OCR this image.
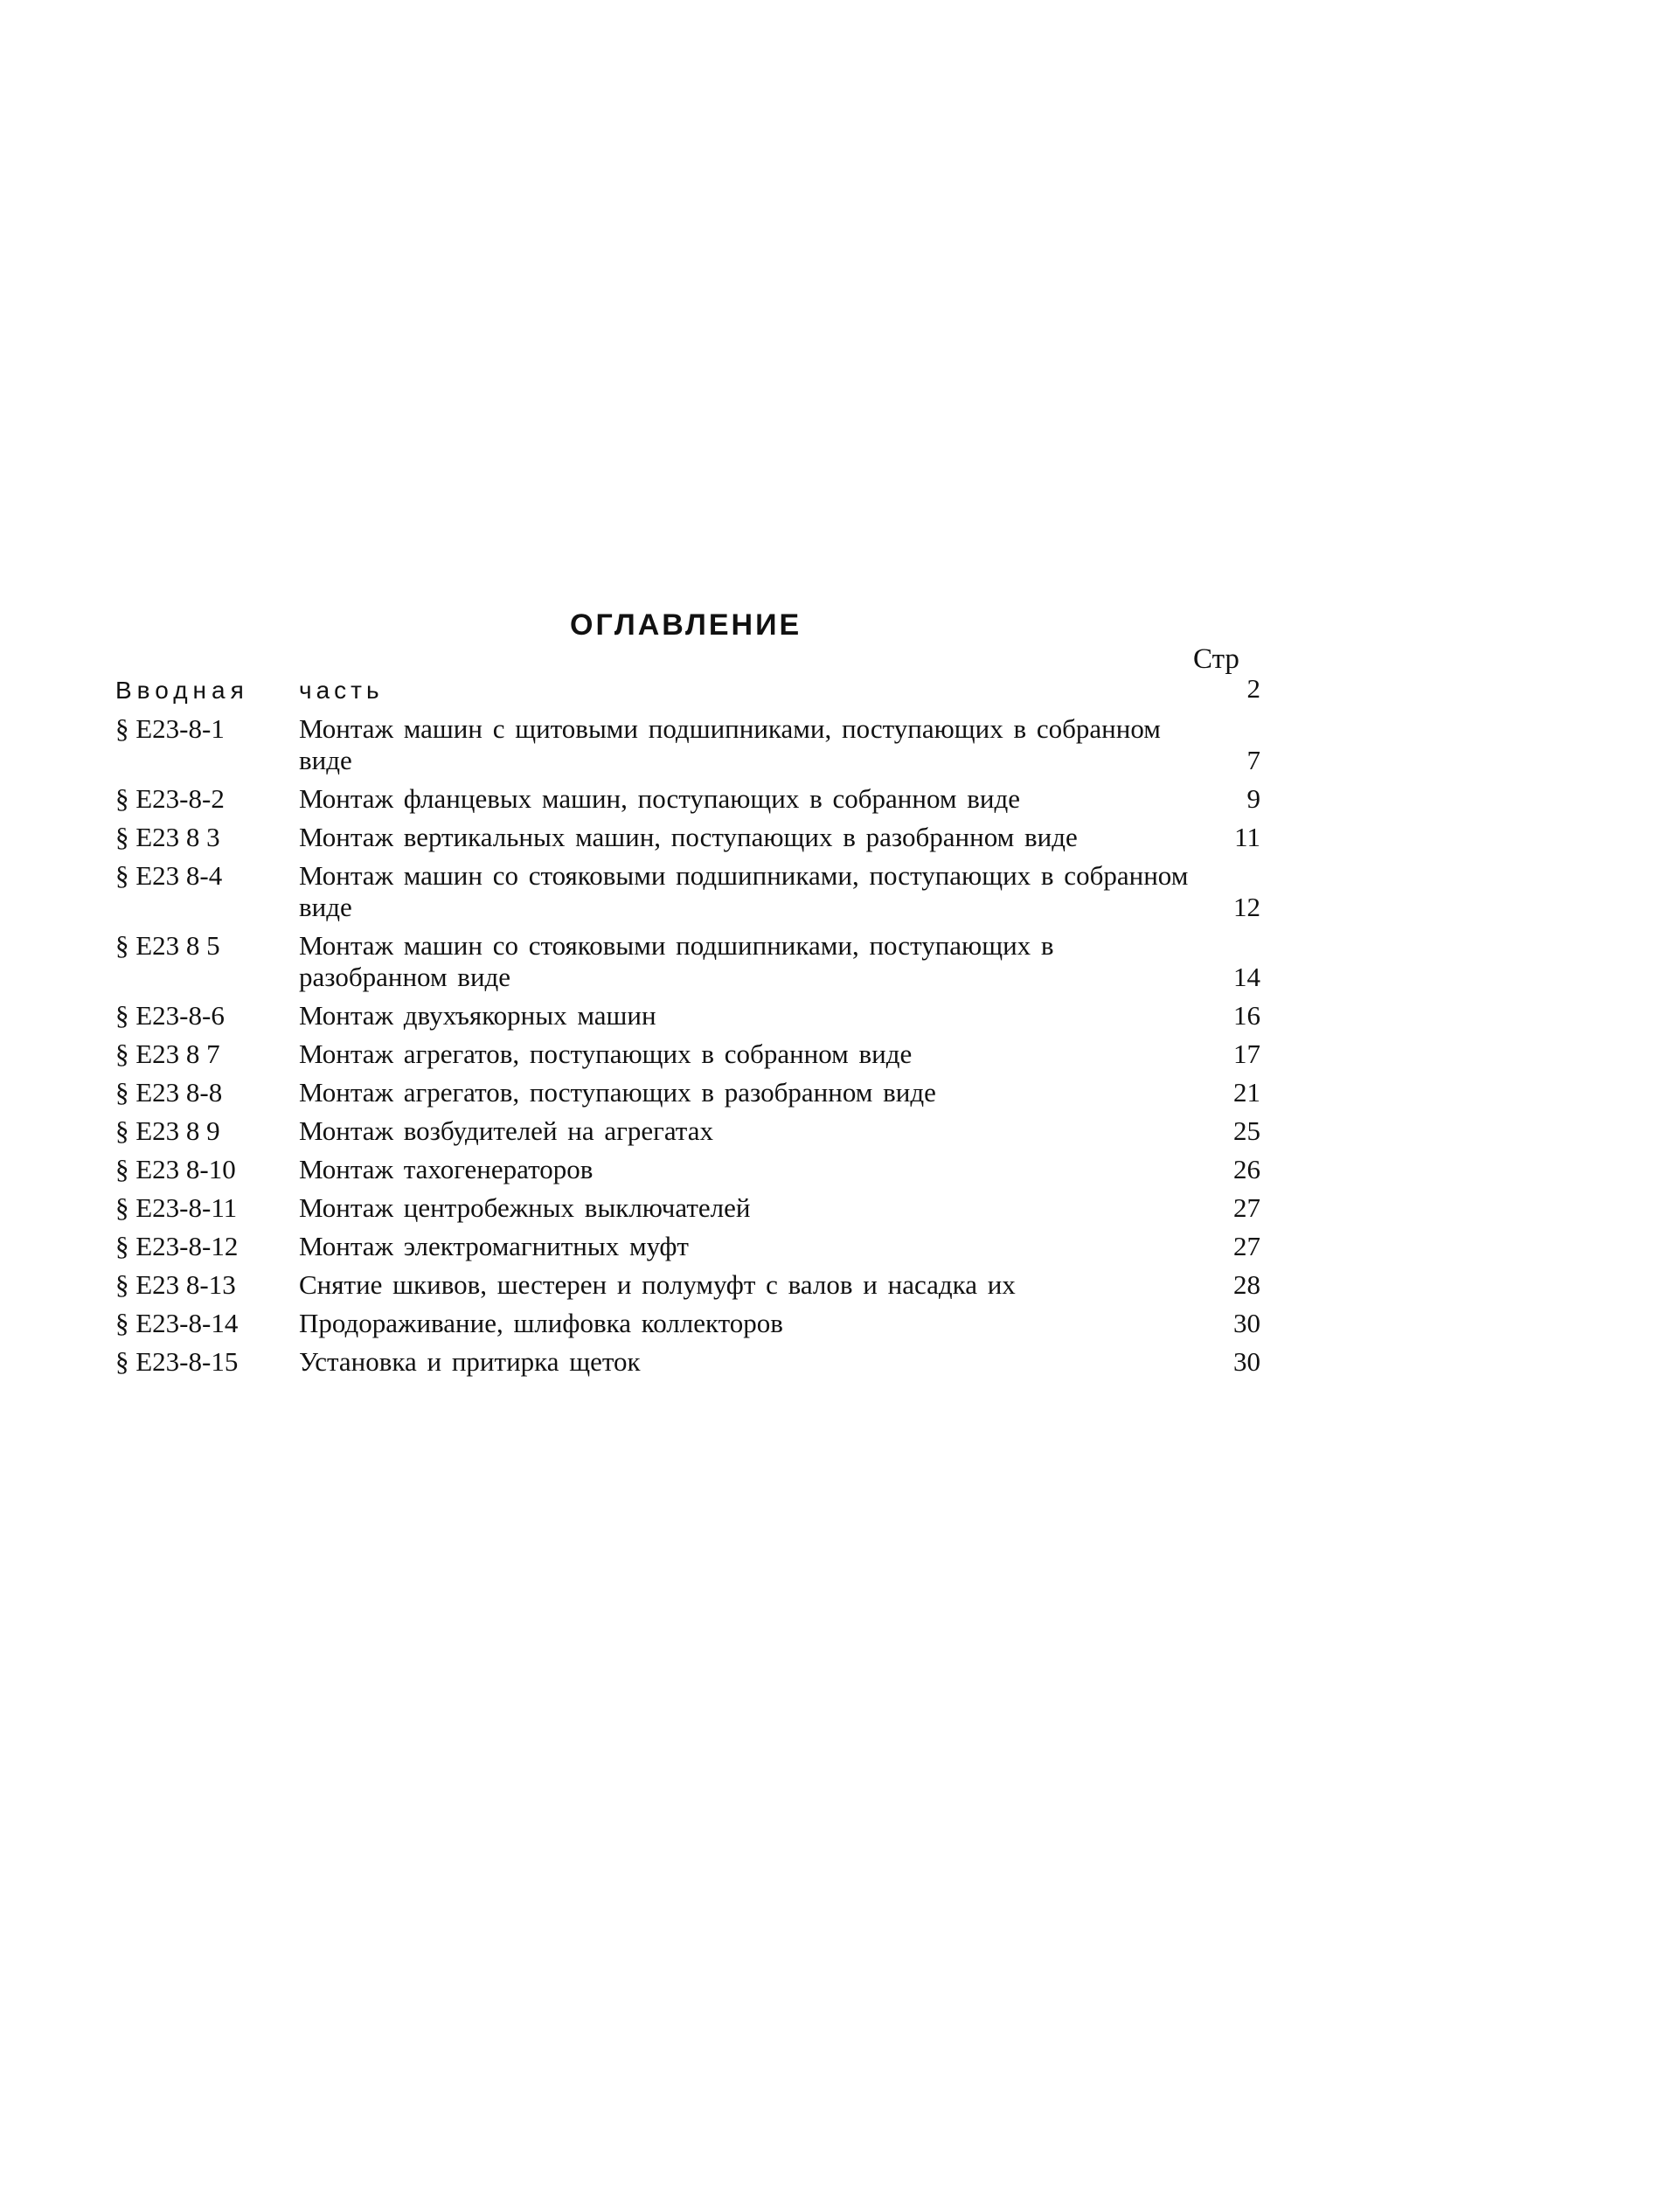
ОГЛАВЛЕНИЕ
Стр
Вводная часть	2
§ Е23-8-1	Монтаж машин с щитовыми подшипниками, поступающих в собранном виде	7
§ Е23-8-2	Монтаж фланцевых машин, поступающих в собранном виде	9
§ Е23 8 3	Монтаж вертикальных машин, поступающих в разобранном виде	11
§ Е23 8-4	Монтаж машин со стояковыми подшипниками, поступающих в собранном виде	12
§ Е23 8 5	Монтаж машин со стояковыми подшипниками, поступающих в разобранном виде	14
§ Е23-8-6	Монтаж двухъякорных машин	16
§ Е23 8 7	Монтаж агрегатов, поступающих в собранном виде	17
§ Е23 8-8	Монтаж агрегатов, поступающих в разобранном виде	21
§ Е23 8 9	Монтаж возбудителей на агрегатах	25
§ Е23 8-10 Монтаж тахогенераторов	26
§ Е23-8-11 Монтаж центробежных выключателей	27
§ Е23-8-12 Монтаж электромагнитных муфт	27
§ Е23 8-13 Снятие шкивов, шестерен и полумуфт с валов и насадка их	28
§ Е23-8-14 Продораживание, шлифовка коллекторов	30
§ Е23-8-15 Установка и притирка щеток	30
